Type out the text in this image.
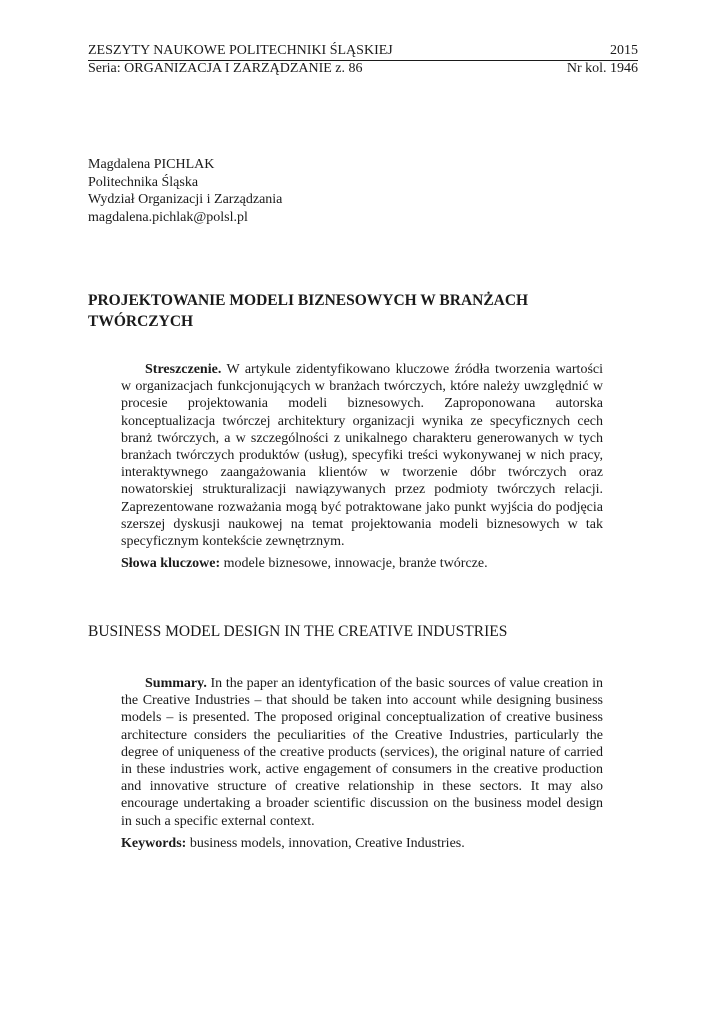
ZESZYTY NAUKOWE POLITECHNIKI ŚLĄSKIEJ	2015
Seria: ORGANIZACJA I ZARZĄDZANIE z. 86	Nr kol. 1946
Magdalena PICHLAK
Politechnika Śląska
Wydział Organizacji i Zarządzania
magdalena.pichlak@polsl.pl
PROJEKTOWANIE MODELI BIZNESOWYCH W BRANŻACH
TWÓRCZYCH

Streszczenie. W artykule zidentyfikowano kluczowe źródła tworzenia wartości w organizacjach funkcjonujących w branżach twórczych, które należy uwzględnić w procesie projektowania modeli biznesowych. Zaproponowana autorska konceptualizacja twórczej architektury organizacji wynika ze specyficznych cech branż twórczych, a w szczególności z unikalnego charakteru generowanych w tych branżach twórczych produktów (usług), specyfiki treści wykonywanej w nich pracy, interaktywnego zaangażowania klientów w tworzenie dóbr twórczych oraz nowatorskiej strukturalizacji nawiązywanych przez podmioty twórczych relacji. Zaprezentowane rozważania mogą być potraktowane jako punkt wyjścia do podjęcia szerszej dyskusji naukowej na temat projektowania modeli biznesowych w tak specyficznym kontekście zewnętrznym.

Słowa kluczowe: modele biznesowe, innowacje, branże twórcze.

BUSINESS MODEL DESIGN IN THE CREATIVE INDUSTRIES

Summary. In the paper an identyfication of the basic sources of value creation in the Creative Industries – that should be taken into account while designing business models – is presented. The proposed original conceptualization of creative business architecture considers the peculiarities of the Creative Industries, particularly the degree of uniqueness of the creative products (services), the original nature of carried in these industries work, active engagement of consumers in the creative production and innovative structure of creative relationship in these sectors. It may also encourage undertaking a broader scientific discussion on the business model design in such a specific external context.

Keywords: business models, innovation, Creative Industries.
